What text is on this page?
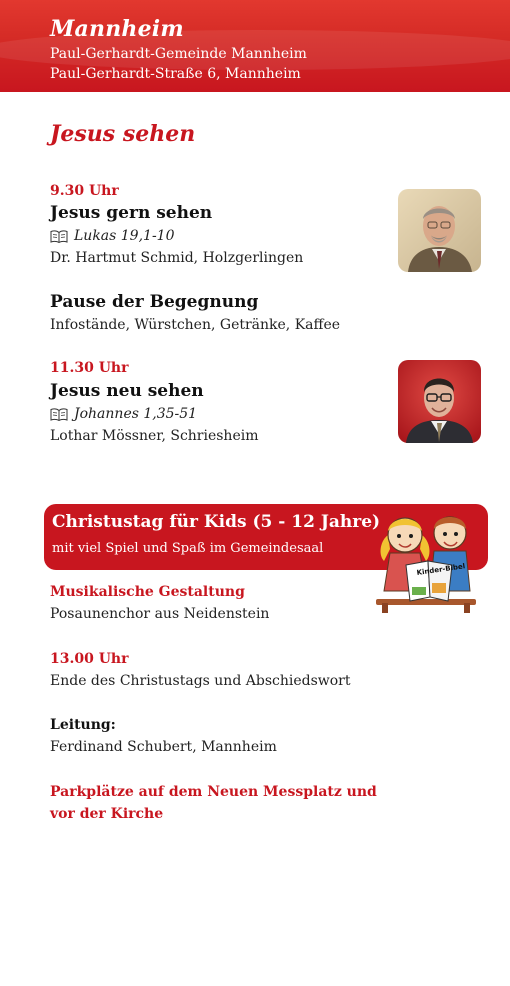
Mannheim
Paul-Gerhardt-Gemeinde Mannheim
Paul-Gerhardt-Straße 6, Mannheim
Jesus sehen
9.30 Uhr
Jesus gern sehen
Lukas 19,1-10
Dr. Hartmut Schmid, Holzgerlingen
Pause der Begegnung
Infostände, Würstchen, Getränke, Kaffee
11.30 Uhr
Jesus neu sehen
Johannes 1,35-51
Lothar Mössner, Schriesheim
Christustag für Kids (5 - 12 Jahre)
mit viel Spiel und Spaß im Gemeindesaal
Kinder-Bibel
Musikalische Gestaltung
Posaunenchor aus Neidenstein
13.00 Uhr
Ende des Christustags und Abschiedswort
Leitung:
Ferdinand Schubert, Mannheim
Parkplätze auf dem Neuen Messplatz und
vor der Kirche
